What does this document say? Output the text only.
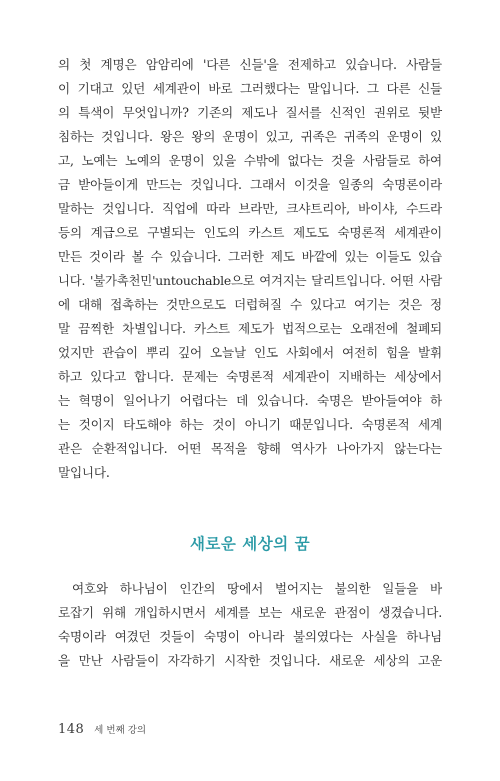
의 첫 계명은 암암리에 '다른 신들'을 전제하고 있습니다. 사람들
이 기대고 있던 세계관이 바로 그러했다는 말입니다. 그 다른 신들
의 특색이 무엇입니까? 기존의 제도나 질서를 신적인 권위로 뒷받
침하는 것입니다. 왕은 왕의 운명이 있고, 귀족은 귀족의 운명이 있
고, 노예는 노예의 운명이 있을 수밖에 없다는 것을 사람들로 하여
금 받아들이게 만드는 것입니다. 그래서 이것을 일종의 숙명론이라
말하는 것입니다. 직업에 따라 브라만, 크샤트리아, 바이샤, 수드라
등의 계급으로 구별되는 인도의 카스트 제도도 숙명론적 세계관이
만든 것이라 볼 수 있습니다. 그러한 제도 바깥에 있는 이들도 있습
니다. '불가촉천민'untouchable으로 여겨지는 달리트입니다. 어떤 사람
에 대해 접촉하는 것만으로도 더럽혀질 수 있다고 여기는 것은 정
말 끔찍한 차별입니다. 카스트 제도가 법적으로는 오래전에 철폐되
었지만 관습이 뿌리 깊어 오늘날 인도 사회에서 여전히 힘을 발휘
하고 있다고 합니다. 문제는 숙명론적 세계관이 지배하는 세상에서
는 혁명이 일어나기 어렵다는 데 있습니다. 숙명은 받아들여야 하
는 것이지 타도해야 하는 것이 아니기 때문입니다. 숙명론적 세계
관은 순환적입니다. 어떤 목적을 향해 역사가 나아가지 않는다는
말입니다.
새로운 세상의 꿈
여호와 하나님이 인간의 땅에서 벌어지는 불의한 일들을 바
로잡기 위해 개입하시면서 세계를 보는 새로운 관점이 생겼습니다.
숙명이라 여겼던 것들이 숙명이 아니라 불의였다는 사실을 하나님
을 만난 사람들이 자각하기 시작한 것입니다. 새로운 세상의 고운
148 세 번째 강의
